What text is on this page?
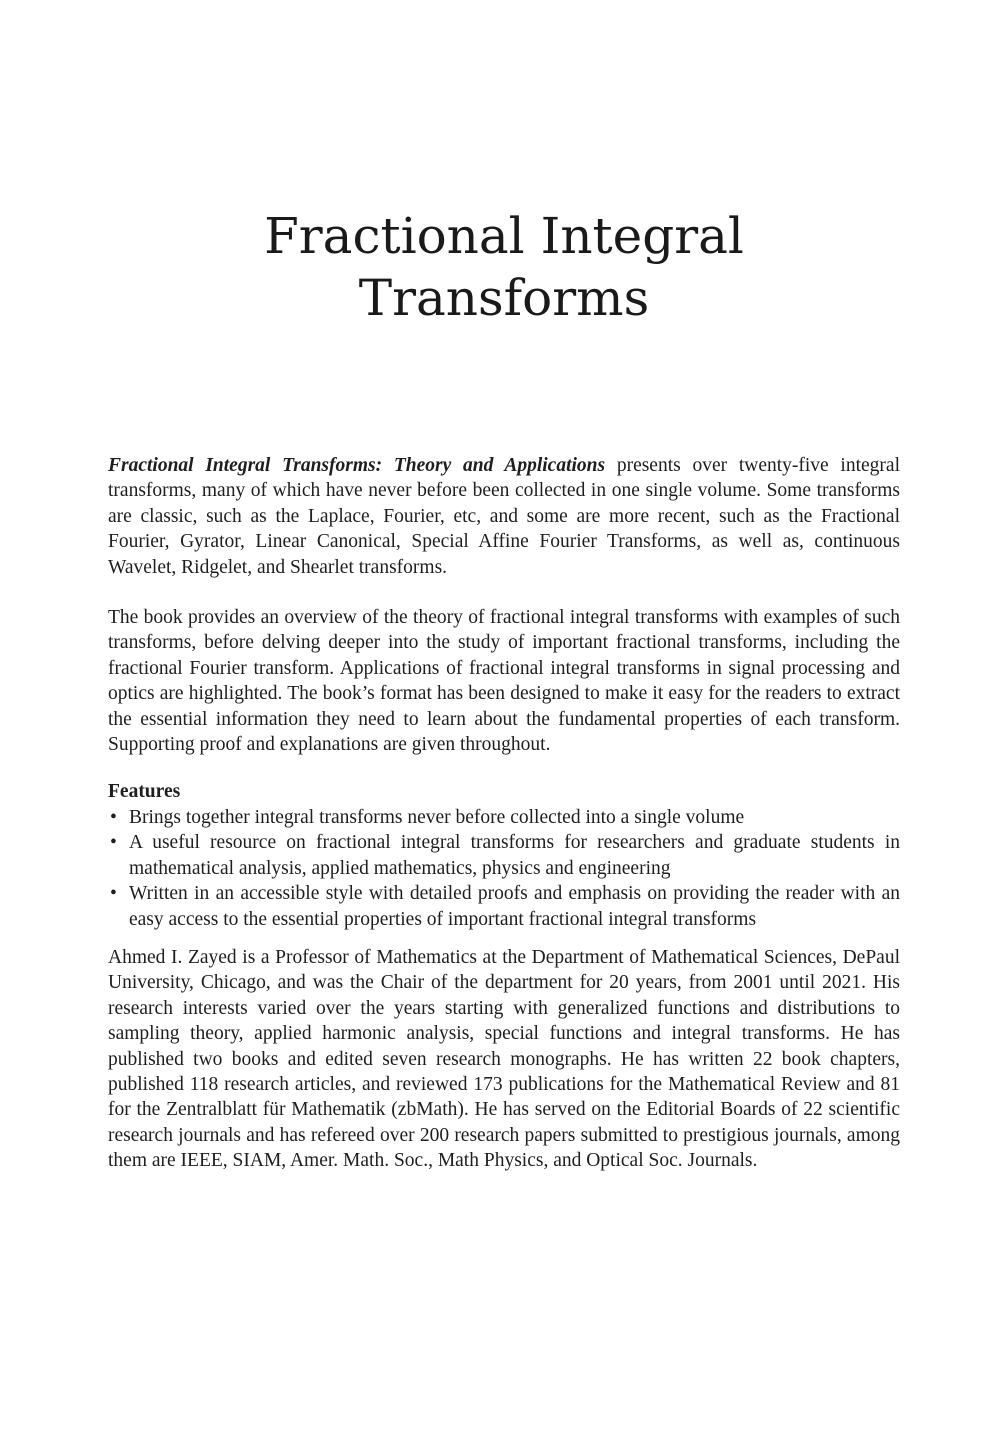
Fractional Integral
Transforms

Fractional Integral Transforms: Theory and Applications presents over twenty-five integral transforms, many of which have never before been collected in one single volume. Some transforms are classic, such as the Laplace, Fourier, etc, and some are more recent, such as the Fractional Fourier, Gyrator, Linear Canonical, Special Affine Fourier Transforms, as well as, continuous Wavelet, Ridgelet, and Shearlet transforms.

The book provides an overview of the theory of fractional integral transforms with examples of such transforms, before delving deeper into the study of important fractional transforms, including the fractional Fourier transform. Applications of fractional integral transforms in signal processing and optics are highlighted. The book’s format has been designed to make it easy for the readers to extract the essential information they need to learn about the fundamental properties of each transform. Supporting proof and explanations are given throughout.

Features

• Brings together integral transforms never before collected into a single volume
• A useful resource on fractional integral transforms for researchers and graduate students in mathematical analysis, applied mathematics, physics and engineering
• Written in an accessible style with detailed proofs and emphasis on providing the reader with an easy access to the essential properties of important fractional integral transforms

Ahmed I. Zayed is a Professor of Mathematics at the Department of Mathematical Sciences, DePaul University, Chicago, and was the Chair of the department for 20 years, from 2001 until 2021. His research interests varied over the years starting with generalized functions and distributions to sampling theory, applied harmonic analysis, special functions and integral transforms. He has published two books and edited seven research monographs. He has written 22 book chapters, published 118 research articles, and reviewed 173 publications for the Mathematical Review and 81 for the Zentralblatt für Mathematik (zbMath). He has served on the Editorial Boards of 22 scientific research journals and has refereed over 200 research papers submitted to prestigious journals, among them are IEEE, SIAM, Amer. Math. Soc., Math Physics, and Optical Soc. Journals.
